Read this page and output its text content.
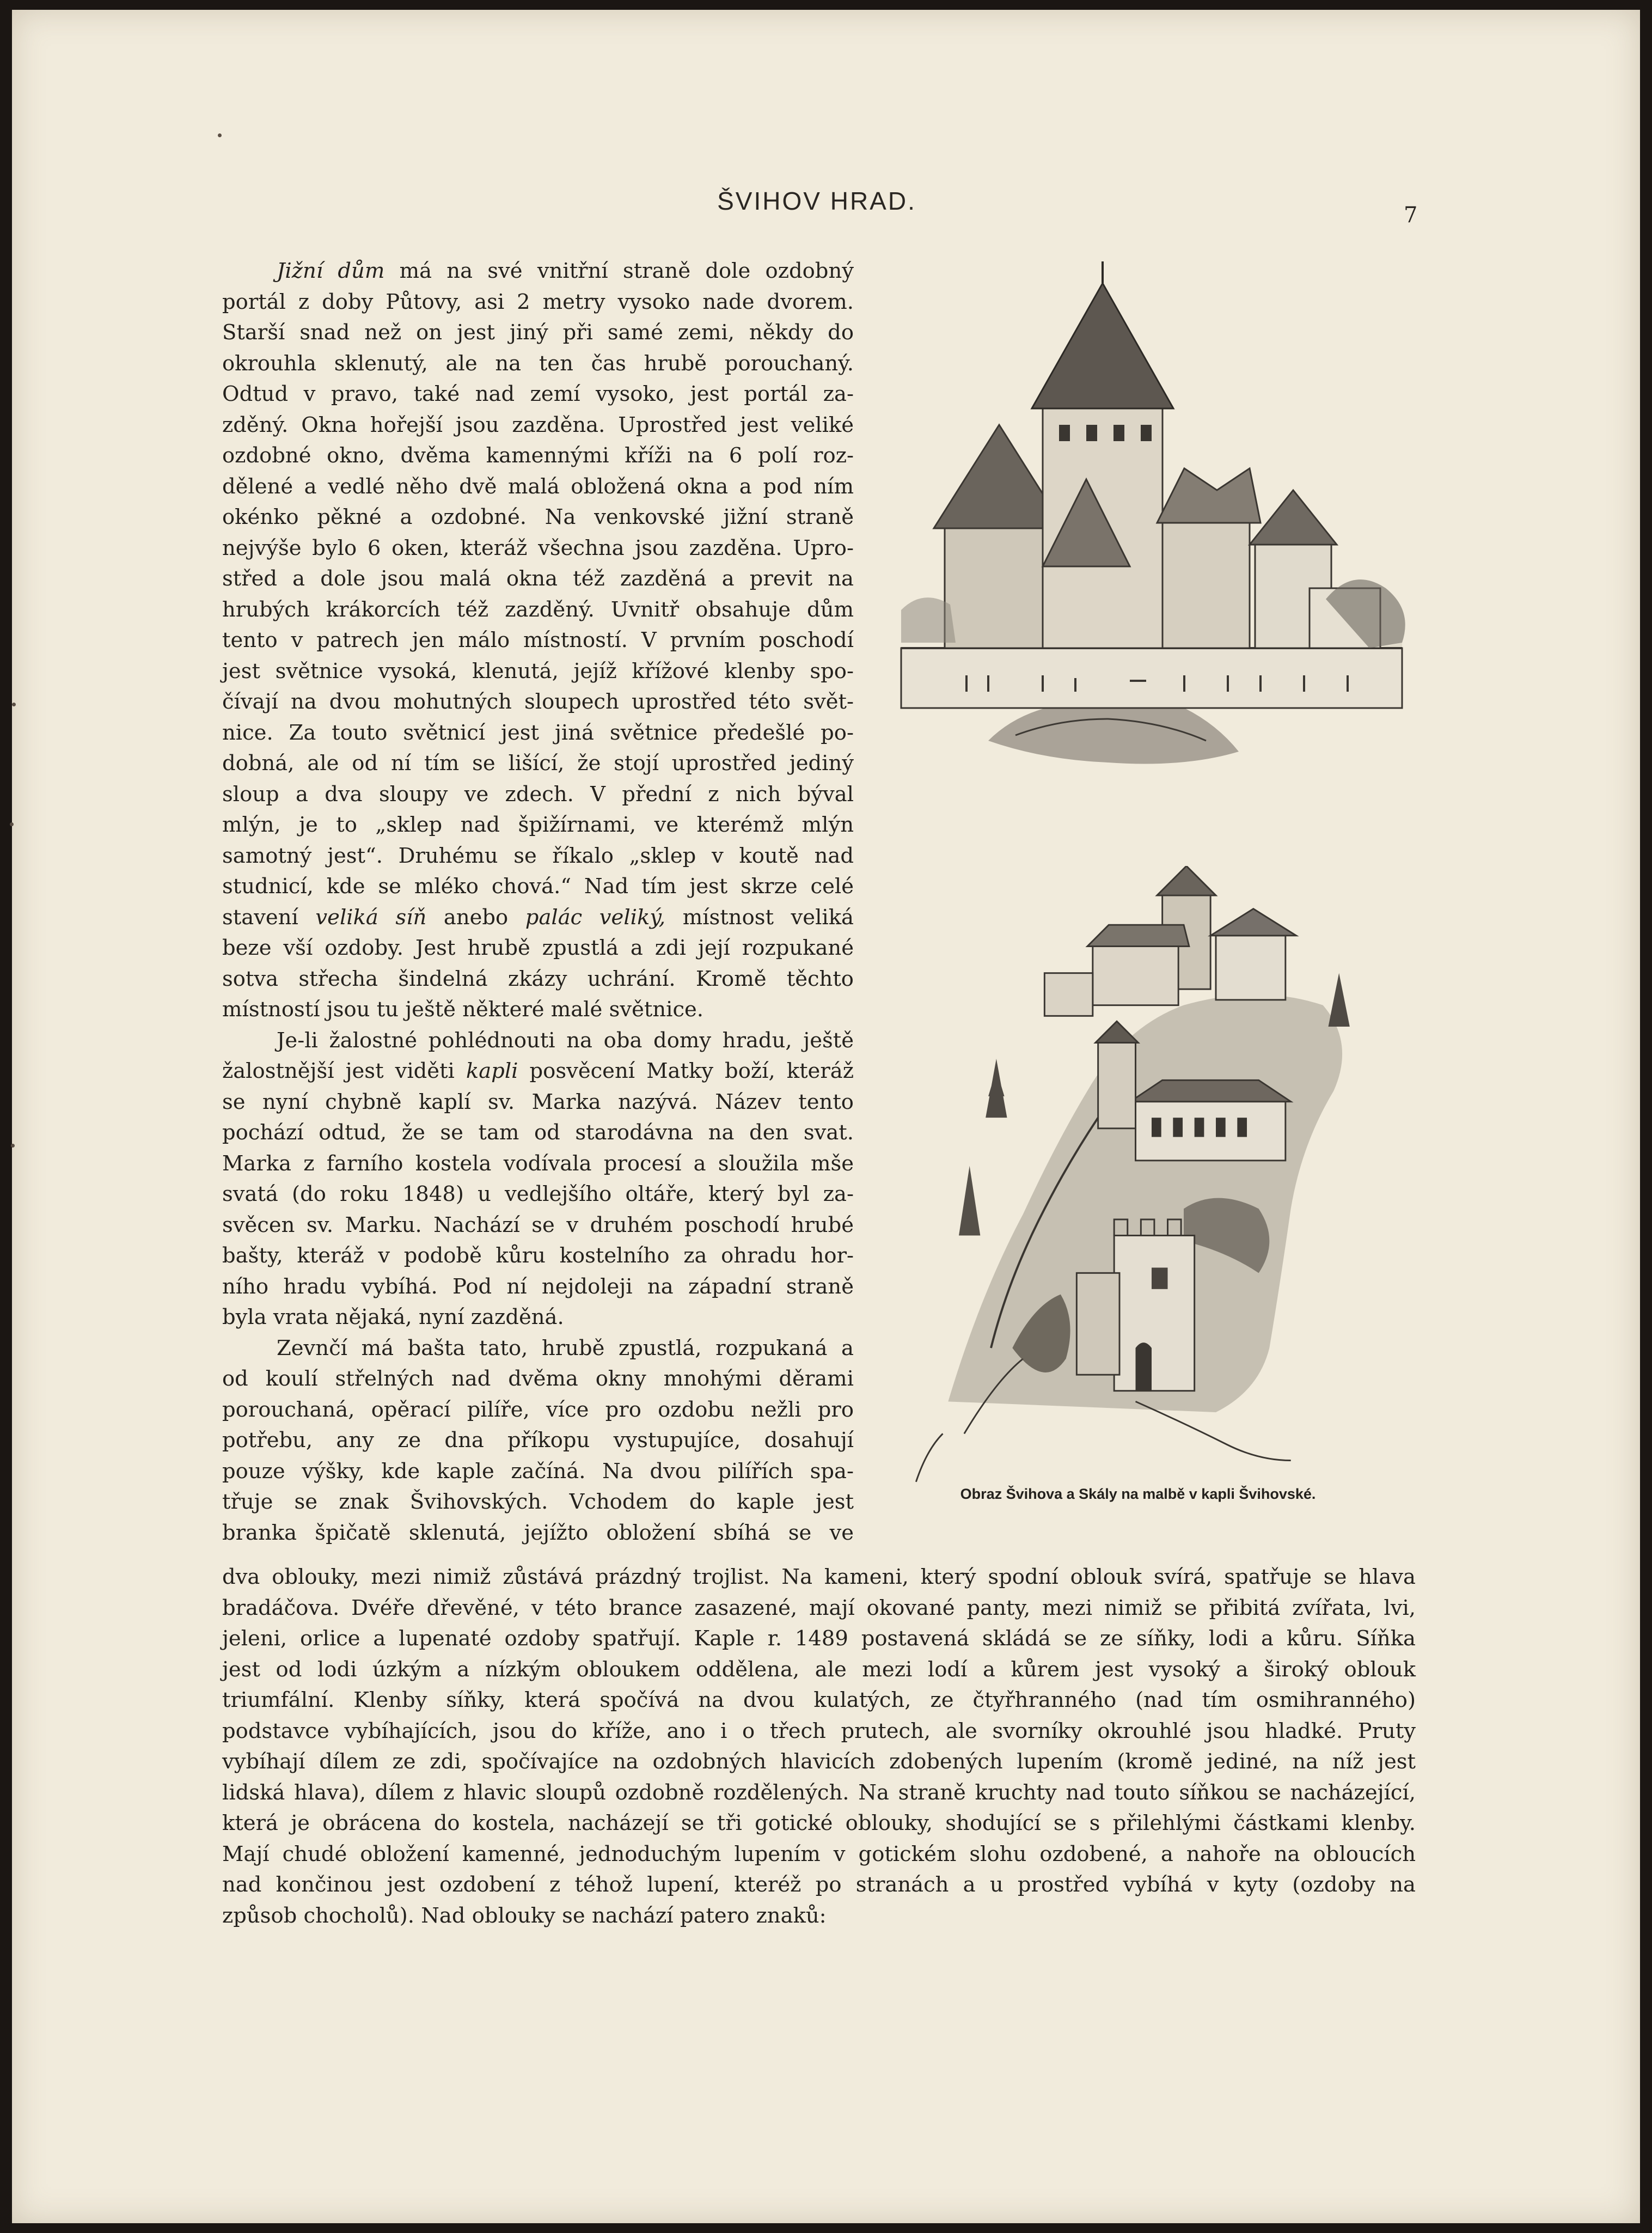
ŠVIHOV HRAD.	7
Jižní dům má na své vnitřní straně dole ozdobný
portál z doby Půtovy, asi 2 metry vysoko nade dvorem.
Starší snad než on jest jiný při samé zemi, někdy do
okrouhla sklenutý, ale na ten čas hrubě porouchaný.
Odtud v pravo, také nad zemí vysoko, jest portál za-
zděný. Okna hořejší jsou zazděna. Uprostřed jest veliké
ozdobné okno, dvěma kamennými kříži na 6 polí roz-
dělené a vedlé něho dvě malá obložená okna a pod ním
okénko pěkné a ozdobné. Na venkovské jižní straně
nejvýše bylo 6 oken, kteráž všechna jsou zazděna. Upro-
střed a dole jsou malá okna též zazděná a previt na
hrubých krákorcích též zazděný. Uvnitř obsahuje dům
tento v patrech jen málo místností. V prvním poschodí
jest světnice vysoká, klenutá, jejíž křížové klenby spo-
čívají na dvou mohutných sloupech uprostřed této svět-
nice. Za touto světnicí jest jiná světnice předešlé po-
dobná, ale od ní tím se lišící, že stojí uprostřed jediný
sloup a dva sloupy ve zdech. V přední z nich býval
mlýn, je to „sklep nad špižírnami, ve kterémž mlýn
samotný jest“. Druhému se říkalo „sklep v koutě nad
studnicí, kde se mléko chová.“ Nad tím jest skrze celé
stavení veliká síň anebo palác veliký, místnost veliká
beze vší ozdoby. Jest hrubě zpustlá a zdi její rozpukané
sotva střecha šindelná zkázy uchrání. Kromě těchto
místností jsou tu ještě některé malé světnice.
Je-li žalostné pohlédnouti na oba domy hradu, ještě
žalostnější jest viděti kapli posvěcení Matky boží, kteráž
se nyní chybně kaplí sv. Marka nazývá. Název tento
pochází odtud, že se tam od starodávna na den svat.
Marka z farního kostela vodívala procesí a sloužila mše
svatá (do roku 1848) u vedlejšího oltáře, který byl za-
svěcen sv. Marku. Nachází se v druhém poschodí hrubé
bašty, kteráž v podobě kůru kostelního za ohradu hor-
ního hradu vybíhá. Pod ní nejdoleji na západní straně
byla vrata nějaká, nyní zazděná.
Zevnčí má bašta tato, hrubě zpustlá, rozpukaná a
od koulí střelných nad dvěma okny mnohými děrami
porouchaná, opěrací pilíře, více pro ozdobu nežli pro
potřebu, any ze dna příkopu vystupujíce, dosahují
pouze výšky, kde kaple začíná. Na dvou pilířích spa-
třuje se znak Švihovských. Vchodem do kaple jest
branka špičatě sklenutá, jejížto obložení sbíhá se ve
Obraz Švihova a Skály na malbě v kapli Švihovské.
dva oblouky, mezi nimiž zůstává prázdný trojlist. Na kameni, který spodní oblouk svírá, spatřuje se hlava
bradáčova. Dvéře dřevěné, v této brance zasazené, mají okované panty, mezi nimiž se přibitá zvířata, lvi,
jeleni, orlice a lupenaté ozdoby spatřují. Kaple r. 1489 postavená skládá se ze síňky, lodi a kůru. Síňka
jest od lodi úzkým a nízkým obloukem oddělena, ale mezi lodí a kůrem jest vysoký a široký oblouk
triumfální. Klenby síňky, která spočívá na dvou kulatých, ze čtyřhranného (nad tím osmihranného)
podstavce vybíhajících, jsou do kříže, ano i o třech prutech, ale svorníky okrouhlé jsou hladké. Pruty
vybíhají dílem ze zdi, spočívajíce na ozdobných hlavicích zdobených lupením (kromě jediné, na níž jest
lidská hlava), dílem z hlavic sloupů ozdobně rozdělených. Na straně kruchty nad touto síňkou se nacházející,
která je obrácena do kostela, nacházejí se tři gotické oblouky, shodující se s přilehlými částkami klenby.
Mají chudé obložení kamenné, jednoduchým lupením v gotickém slohu ozdobené, a nahoře na obloucích
nad končinou jest ozdobení z téhož lupení, kteréž po stranách a u prostřed vybíhá v kyty (ozdoby na
způsob chocholů). Nad oblouky se nachází patero znaků:
